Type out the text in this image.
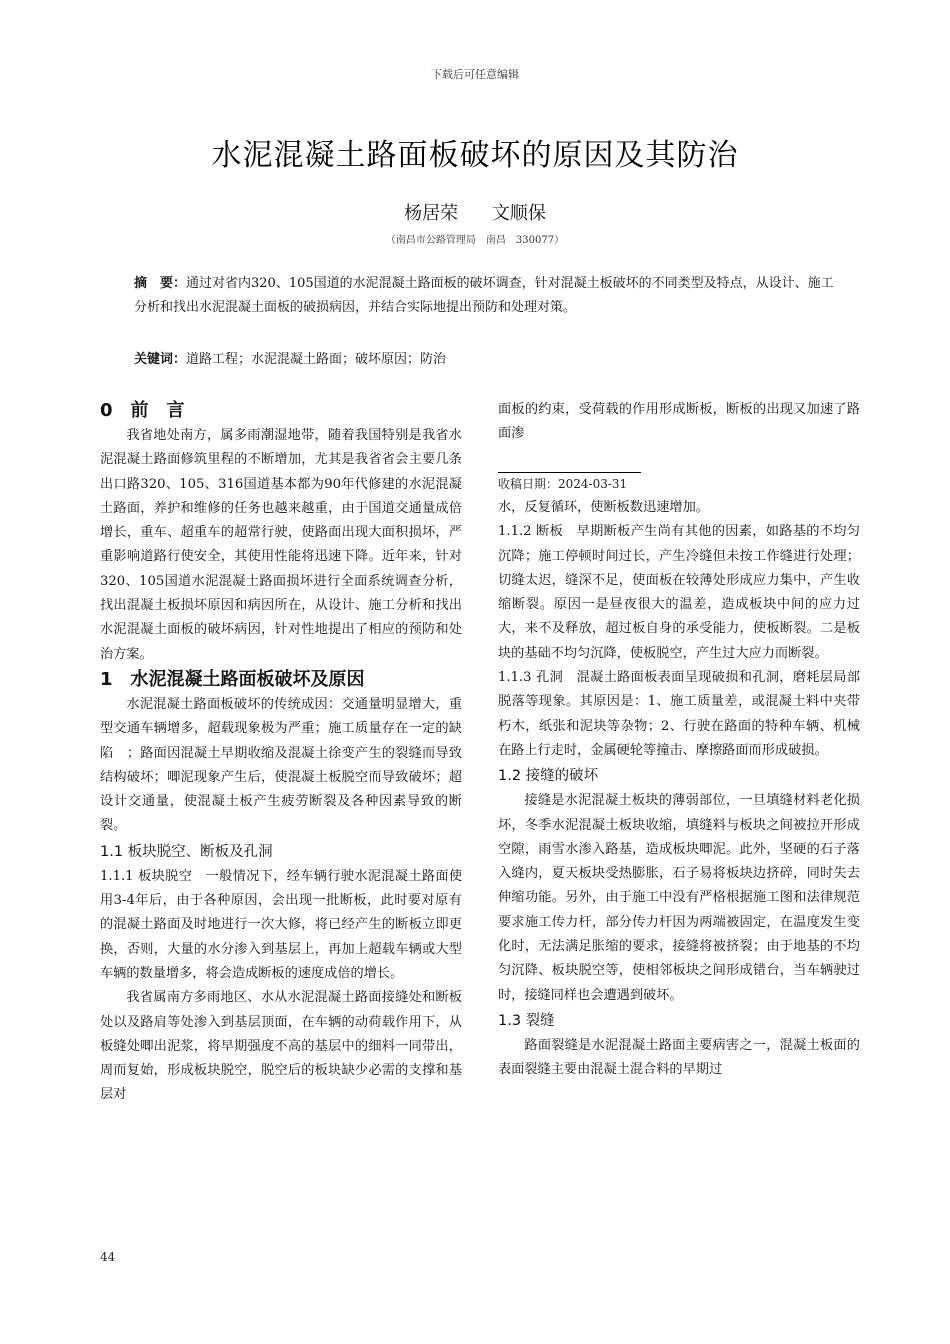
下载后可任意编辑
水泥混凝土路面板破坏的原因及其防治
杨居荣 文顺保
（南昌市公路管理局　南昌　330077）
摘　要：通过对省内320、105国道的水泥混凝土路面板的破坏调查，针对混凝土板破坏的不同类型及特点，从设计、施工分析和找出水泥混凝土面板的破损病因，并结合实际地提出预防和处理对策。
关键词：道路工程；水泥混凝土路面；破坏原因；防治
0　前　言

我省地处南方，属多雨潮湿地带，随着我国特别是我省水泥混凝土路面修筑里程的不断增加，尤其是我省省会主要几条出口路320、105、316国道基本都为90年代修建的水泥混凝土路面，养护和维修的任务也越来越重，由于国道交通量成倍增长，重车、超重车的超常行驶，使路面出现大面积损坏，严重影响道路行使安全，其使用性能将迅速下降。近年来，针对320、105国道水泥混凝土路面损坏进行全面系统调查分析，找出混凝土板损坏原因和病因所在，从设计、施工分析和找出水泥混凝土面板的破坏病因，针对性地提出了相应的预防和处治方案。

1　水泥混凝土路面板破坏及原因

水泥混凝土路面板破坏的传统成因：交通量明显增大，重型交通车辆增多，超载现象极为严重；施工质量存在一定的缺陷　；路面因混凝土早期收缩及混凝土徐变产生的裂缝而导致结构破坏；唧泥现象产生后，使混凝土板脱空而导致破坏；超设计交通量，使混凝土板产生疲劳断裂及各种因素导致的断裂。

1.1 板块脱空、断板及孔洞

1.1.1 板块脱空　 一般情况下，经车辆行驶水泥混凝土路面使用3-4年后，由于各种原因，会出现一批断板，此时要对原有的混凝土路面及时地进行一次大修，将已经产生的断板立即更换，否则，大量的水分渗入到基层上，再加上超载车辆或大型车辆的数量增多，将会造成断板的速度成倍的增长。

我省属南方多雨地区、水从水泥混凝土路面接缝处和断板处以及路肩等处渗入到基层顶面，在车辆的动荷载作用下，从板缝处唧出泥浆，将早期强度不高的基层中的细料一同带出，周而复始，形成板块脱空，脱空后的板块缺少必需的支撑和基层对

面板的约束，受荷载的作用形成断板，断板的出现又加速了路面渗

收稿日期：2024-03-31

水，反复循环，使断板数迅速增加。

1.1.2 断板　 早期断板产生尚有其他的因素，如路基的不均匀沉降；施工停顿时间过长，产生冷缝但未按工作缝进行处理；切缝太迟，缝深不足，使面板在较薄处形成应力集中，产生收缩断裂。原因一是昼夜很大的温差，造成板块中间的应力过大，来不及释放，超过板自身的承受能力，使板断裂。二是板块的基础不均匀沉降，使板脱空，产生过大应力而断裂。

1.1.3 孔洞　 混凝土路面板表面呈现破损和孔洞，磨耗层局部脱落等现象。其原因是：1、施工质量差，或混凝土料中夹带朽木，纸张和泥块等杂物；2、行驶在路面的特种车辆、机械在路上行走时，金属硬轮等撞击、摩擦路面而形成破损。

1.2 接缝的破坏

接缝是水泥混凝土板块的薄弱部位，一旦填缝材料老化损坏，冬季水泥混凝土板块收缩，填缝料与板块之间被拉开形成空隙，雨雪水渗入路基，造成板块唧泥。此外，坚硬的石子落入缝内，夏天板块受热膨胀，石子易将板块边挤碎，同时失去伸缩功能。另外，由于施工中没有严格根据施工图和法律规范要求施工传力杆，部分传力杆因为两端被固定，在温度发生变化时，无法满足胀缩的要求，接缝将被挤裂；由于地基的不均匀沉降、板块脱空等，使相邻板块之间形成错台，当车辆驶过时，接缝同样也会遭遇到破坏。

1.3 裂缝

路面裂缝是水泥混凝土路面主要病害之一，混凝土板面的表面裂缝主要由混凝土混合料的早期过

44
